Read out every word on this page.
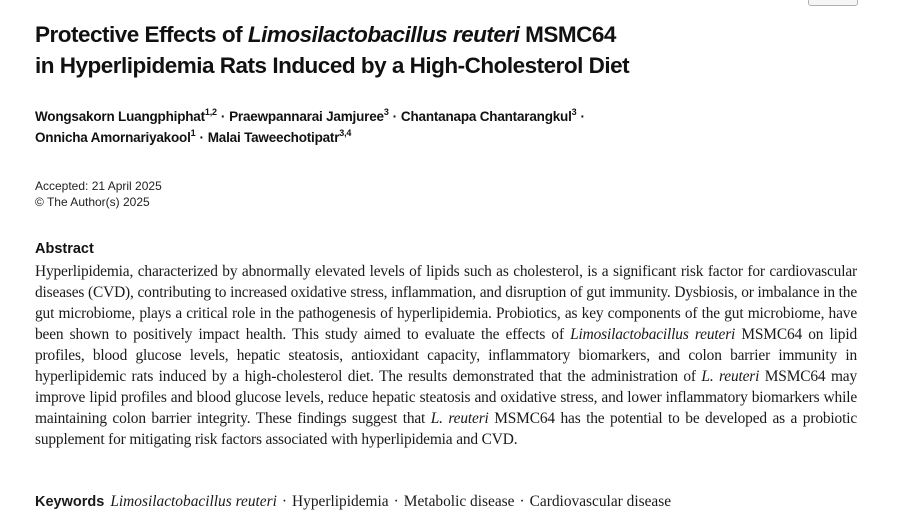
Protective Effects of Limosilactobacillus reuteri MSMC64
in Hyperlipidemia Rats Induced by a High-Cholesterol Diet

Wongsakorn Luangphiphat$^{1,2}$ · Praewpannarai Jamjuree$^3$ · Chantanapa Chantarangkul$^3$ ·
Onnicha Amornariyakool$^1$ · Malai Taweechotipatr$^{3,4}$

Accepted: 21 April 2025
© The Author(s) 2025
Abstract

Hyperlipidemia, characterized by abnormally elevated levels of lipids such as cholesterol, is a significant risk factor for cardiovascular diseases (CVD), contributing to increased oxidative stress, inflammation, and disruption of gut immunity. Dysbiosis, or imbalance in the gut microbiome, plays a critical role in the pathogenesis of hyperlipidemia. Probiotics, as key components of the gut microbiome, have been shown to positively impact health. This study aimed to evaluate the effects of Limosilactobacillus reuteri MSMC64 on lipid profiles, blood glucose levels, hepatic steatosis, antioxidant capacity, inflammatory biomarkers, and colon barrier immunity in hyperlipidemic rats induced by a high-cholesterol diet. The results demonstrated that the administration of L. reuteri MSMC64 may improve lipid profiles and blood glucose levels, reduce hepatic steatosis and oxidative stress, and lower inflammatory biomarkers while maintaining colon barrier integrity. These findings suggest that L. reuteri MSMC64 has the potential to be developed as a probiotic supplement for mitigating risk factors associated with hyperlipidemia and CVD.

Keywords Limosilactobacillus reuteri · Hyperlipidemia · Metabolic disease · Cardiovascular disease
